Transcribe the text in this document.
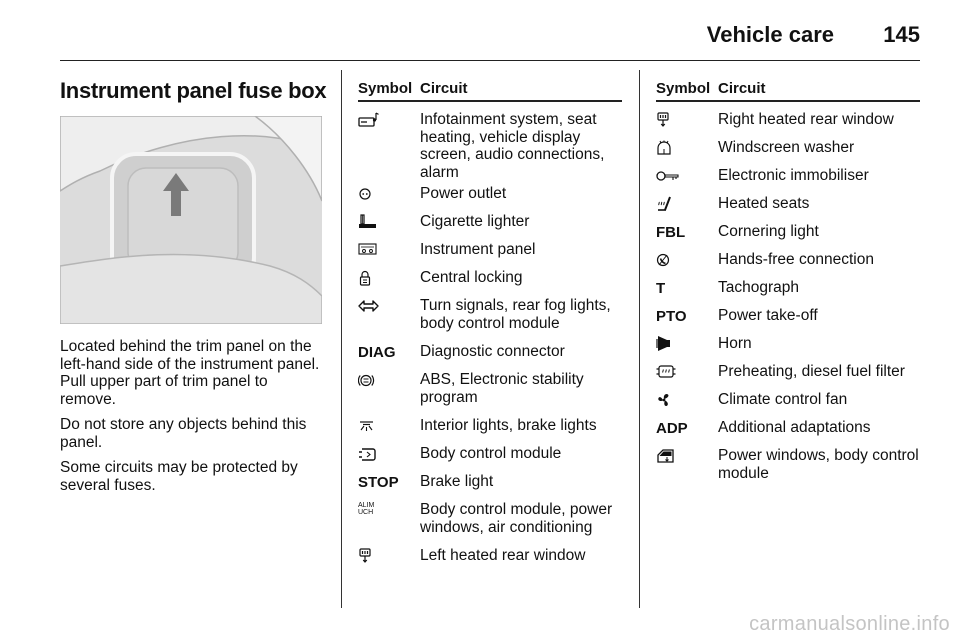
Vehicle care 145
Instrument panel fuse box

Located behind the trim panel on the left-hand side of the instrument panel. Pull upper part of trim panel to remove.

Do not store any objects behind this panel.

Some circuits may be protected by several fuses.

Symbol Circuit
Infotainment system, seat heating, vehicle display screen, audio connections, alarm
Power outlet
Cigarette lighter
Instrument panel
Central locking
Turn signals, rear fog lights, body control module
DIAG	Diagnostic connector
ABS, Electronic stability program
Interior lights, brake lights
Body control module
STOP	Brake light
ALIM
UCH	Body control module, power windows, air conditioning
Left heated rear window
Symbol Circuit
Right heated rear window
Windscreen washer
Electronic immobiliser
Heated seats
FBL	Cornering light
Hands-free connection
T	Tachograph
PTO	Power take-off
Horn
Preheating, diesel fuel filter
Climate control fan
ADP	Additional adaptations
Power windows, body control module
carmanualsonline.info
